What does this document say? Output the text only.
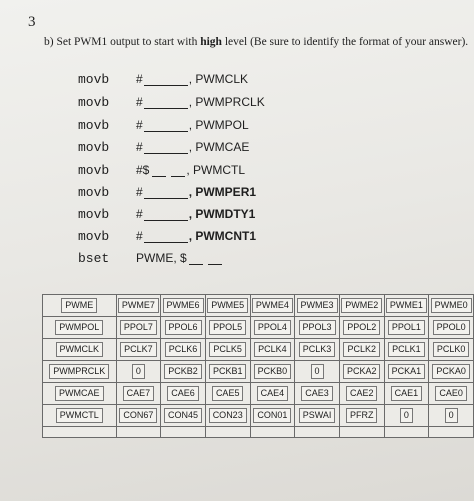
3
b) Set PWM1 output to start with high level (Be sure to identify the format of your answer).
movb #	, PWMCLK
movb #	, PWMPRCLK
movb #	, PWMPOL
movb #	, PWMCAE
movb #$	, PWMCTL
movb #	, PWMPER1
movb #	, PWMDTY1
movb #	, PWMCNT1
bset PWME, $
PWME	PWME7	PWME6	PWME5	PWME4	PWME3	PWME2	PWME1	PWME0
PWMPOL	PPOL7	PPOL6	PPOL5	PPOL4	PPOL3	PPOL2	PPOL1	PPOL0
PWMCLK	PCLK7	PCLK6	PCLK5	PCLK4	PCLK3	PCLK2	PCLK1	PCLK0
PWMPRCLK	0	PCKB2	PCKB1	PCKB0	0	PCKA2	PCKA1	PCKA0
PWMCAE	CAE7	CAE6	CAE5	CAE4	CAE3	CAE2	CAE1	CAE0
PWMCTL	CON67	CON45	CON23	CON01	PSWAI	PFRZ	0	0
